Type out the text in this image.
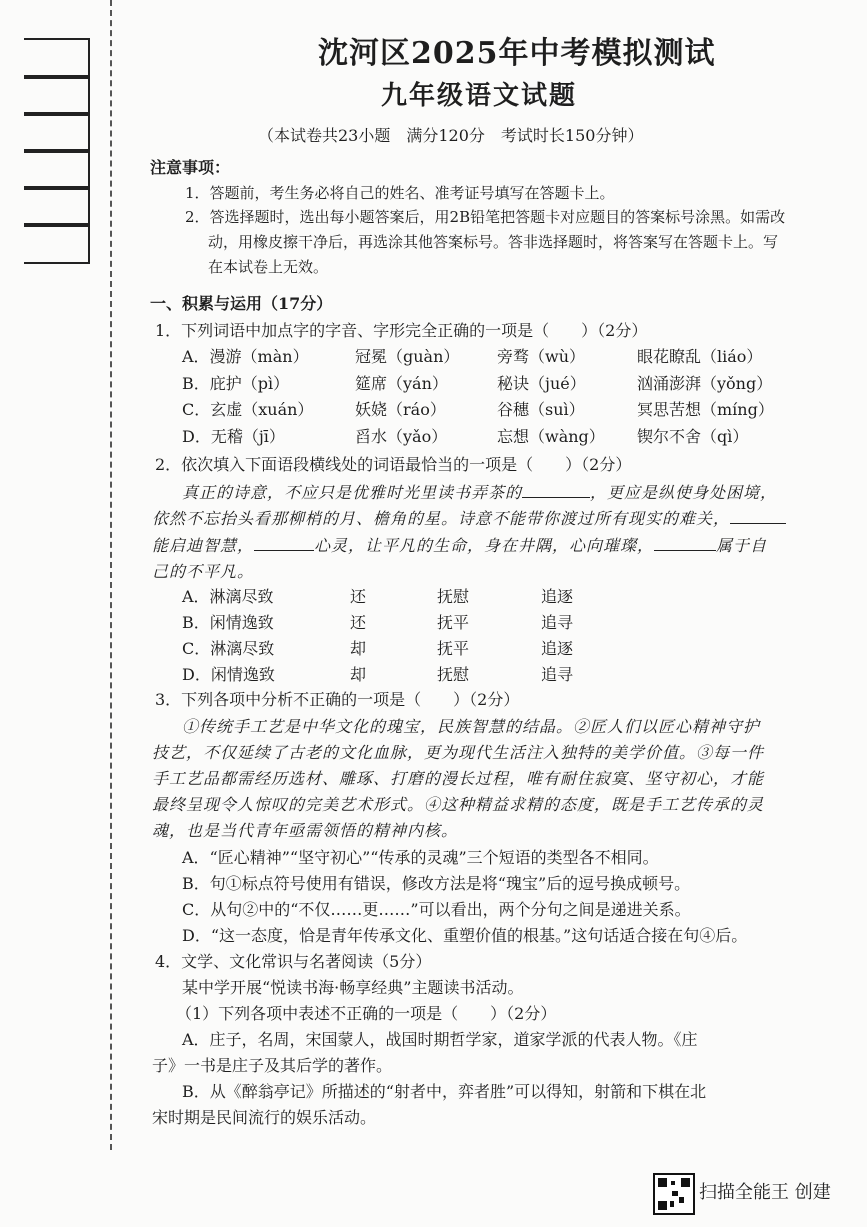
沈河区2025年中考模拟测试
九年级语文试题
（本试卷共23小题　满分120分　考试时长150分钟）
注意事项：
1．答题前，考生务必将自己的姓名、准考证号填写在答题卡上。
2．答选择题时，选出每小题答案后，用2B铅笔把答题卡对应题目的答案标号涂黑。如需改
动，用橡皮擦干净后，再选涂其他答案标号。答非选择题时，将答案写在答题卡上。写
在本试卷上无效。
一、积累与运用（17分）
1．下列词语中加点字的字音、字形完全正确的一项是（　　）（2分）
A．漫游（màn）	冠冕（guàn） 旁骛（wù）	眼花瞭乱（liáo）
B．庇护（pì）	筵席（yán）	秘诀（jué）	汹涌澎湃（yǒng）
C．玄虚（xuán）	妖娆（ráo）	谷穗（suì）	冥思苦想（míng）
D．无稽（jī）	舀水（yǎo）	忘想（wàng） 锲尔不舍（qì）
2．依次填入下面语段横线处的词语最恰当的一项是（　　）（2分）
真正的诗意，不应只是优雅时光里读书弄茶的	，更应是纵使身处困境，
依然不忘抬头看那柳梢的月、檐角的星。诗意不能带你渡过所有现实的难关，
能启迪智慧，	心灵，让平凡的生命，身在井隅，心向璀璨，	属于自
己的不平凡。
A．淋漓尽致	还	抚慰	追逐
B．闲情逸致	还	抚平	追寻
C．淋漓尽致	却	抚平	追逐
D．闲情逸致	却	抚慰	追寻
3．下列各项中分析不正确的一项是（　　）（2分）
①传统手工艺是中华文化的瑰宝，民族智慧的结晶。②匠人们以匠心精神守护
技艺，不仅延续了古老的文化血脉，更为现代生活注入独特的美学价值。③每一件
手工艺品都需经历选材、雕琢、打磨的漫长过程，唯有耐住寂寞、坚守初心，才能
最终呈现令人惊叹的完美艺术形式。④这种精益求精的态度，既是手工艺传承的灵
魂，也是当代青年亟需领悟的精神内核。
A．“匠心精神”“坚守初心”“传承的灵魂”三个短语的类型各不相同。
B．句①标点符号使用有错误，修改方法是将“瑰宝”后的逗号换成顿号。
C．从句②中的“不仅……更……”可以看出，两个分句之间是递进关系。
D．“这一态度，恰是青年传承文化、重塑价值的根基。”这句话适合接在句④后。
4．文学、文化常识与名著阅读（5分）
某中学开展“悦读书海·畅享经典”主题读书活动。
（1）下列各项中表述不正确的一项是（　　）（2分）
A．庄子，名周，宋国蒙人，战国时期哲学家，道家学派的代表人物。《庄
子》一书是庄子及其后学的著作。
B．从《醉翁亭记》所描述的“射者中，弈者胜”可以得知，射箭和下棋在北
宋时期是民间流行的娱乐活动。
扫描全能王 创建
